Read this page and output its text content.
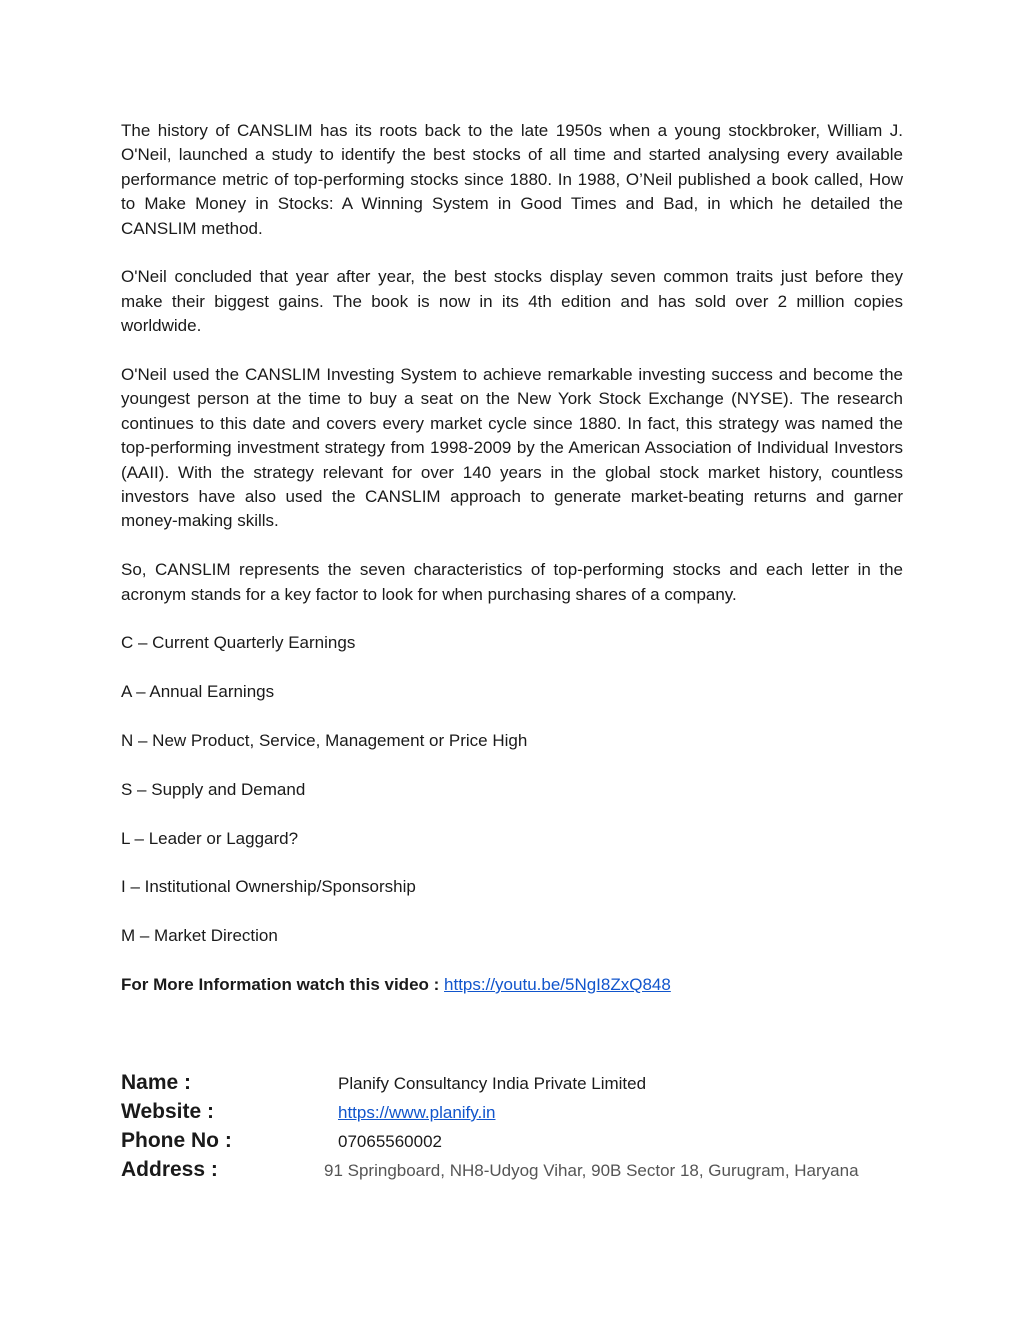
The history of CANSLIM has its roots back to the late 1950s when a young stockbroker, William J. O'Neil, launched a study to identify the best stocks of all time and started analysing every available performance metric of top-performing stocks since 1880. In 1988, O’Neil published a book called, How to Make Money in Stocks: A Winning System in Good Times and Bad, in which he detailed the CANSLIM method.

O'Neil concluded that year after year, the best stocks display seven common traits just before they make their biggest gains. The book is now in its 4th edition and has sold over 2 million copies worldwide.

O'Neil used the CANSLIM Investing System to achieve remarkable investing success and become the youngest person at the time to buy a seat on the New York Stock Exchange (NYSE). The research continues to this date and covers every market cycle since 1880. In fact, this strategy was named the top-performing investment strategy from 1998-2009 by the American Association of Individual Investors (AAII). With the strategy relevant for over 140 years in the global stock market history, countless investors have also used the CANSLIM approach to generate market-beating returns and garner money-making skills.

So, CANSLIM represents the seven characteristics of top-performing stocks and each letter in the acronym stands for a key factor to look for when purchasing shares of a company.

C – Current Quarterly Earnings

A – Annual Earnings

N – New Product, Service, Management or Price High

S – Supply and Demand

L – Leader or Laggard?

I – Institutional Ownership/Sponsorship

M – Market Direction

For More Information watch this video : https://youtu.be/5NgI8ZxQ848

Name :	Planify Consultancy India Private Limited
Website :	https://www.planify.in
Phone No :	07065560002
Address :	91 Springboard, NH8-Udyog Vihar, 90B Sector 18, Gurugram, Haryana
